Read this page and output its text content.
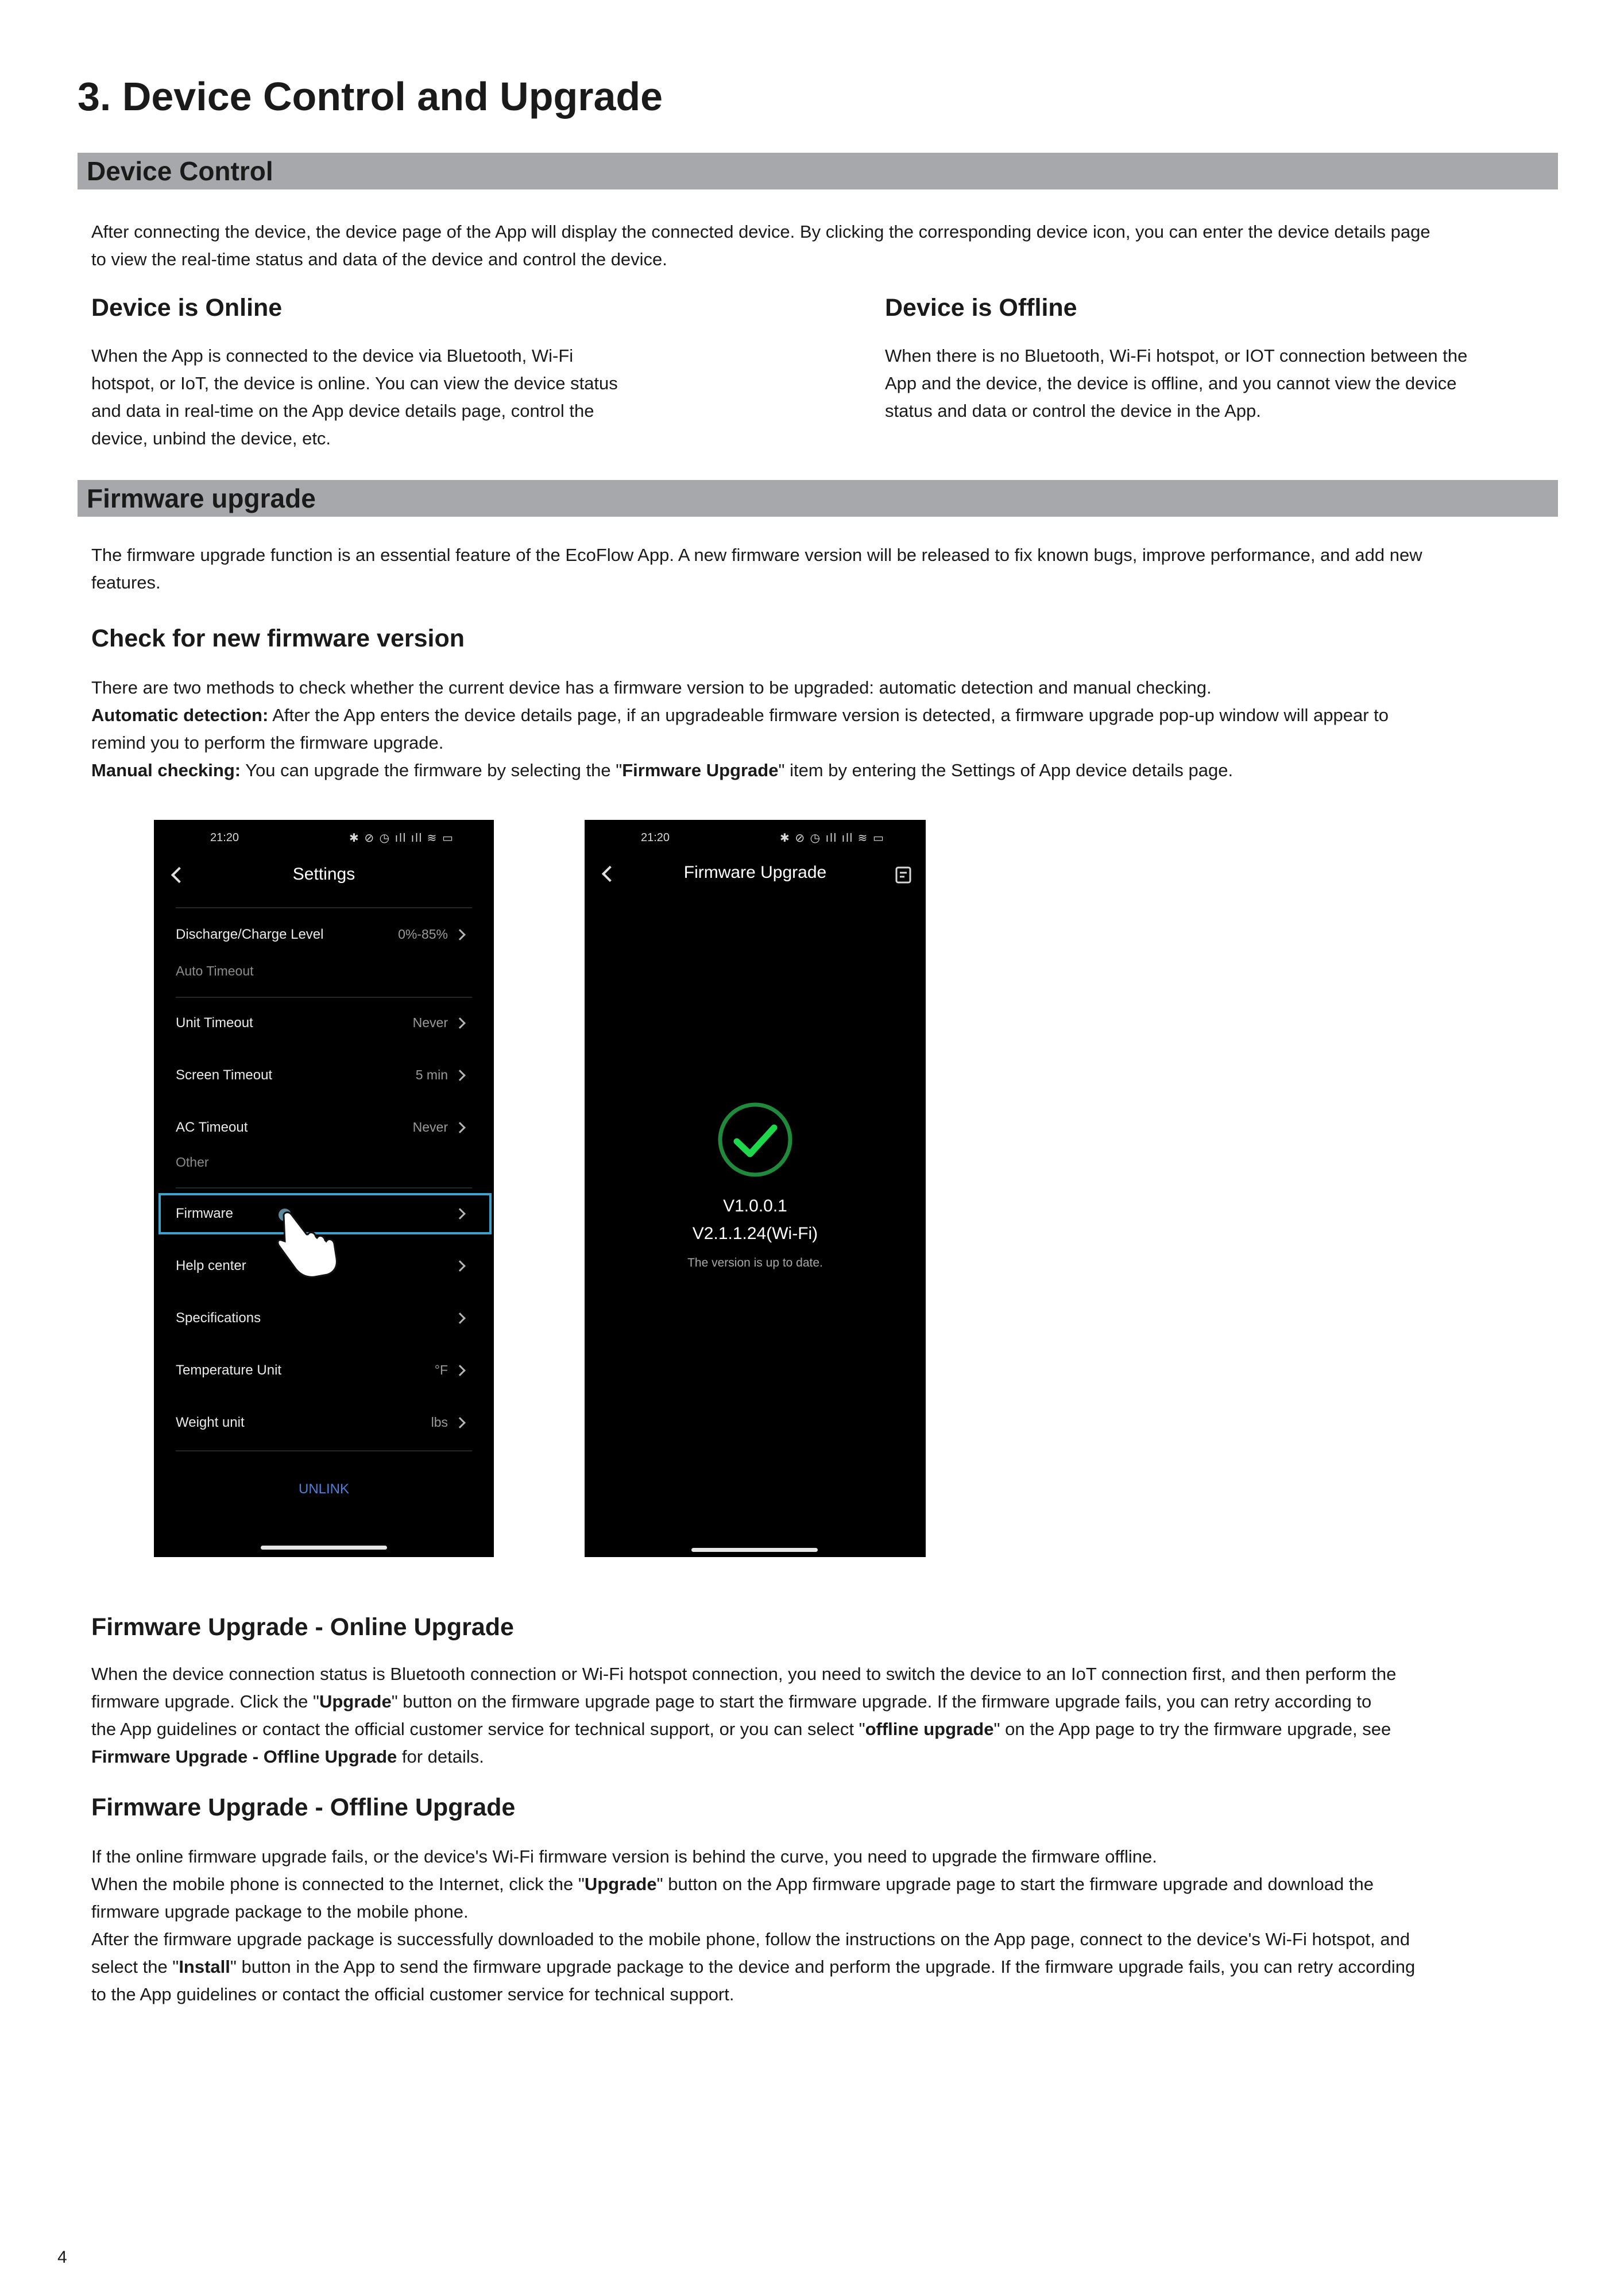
3. Device Control and Upgrade
Device Control

After connecting the device, the device page of the App will display the connected device. By clicking the corresponding device icon, you can enter the device details page
to view the real-time status and data of the device and control the device.

Device is Online

When the App is connected to the device via Bluetooth, Wi-Fi
hotspot, or IoT, the device is online. You can view the device status
and data in real-time on the App device details page, control the
device, unbind the device, etc.

Device is Offline

When there is no Bluetooth, Wi-Fi hotspot, or IOT connection between the
App and the device, the device is offline, and you cannot view the device
status and data or control the device in the App.

Firmware upgrade

The firmware upgrade function is an essential feature of the EcoFlow App. A new firmware version will be released to fix known bugs, improve performance, and add new
features.

Check for new firmware version

There are two methods to check whether the current device has a firmware version to be upgraded: automatic detection and manual checking.
Automatic detection: After the App enters the device details page, if an upgradeable firmware version is detected, a firmware upgrade pop-up window will appear to
remind you to perform the firmware upgrade.
Manual checking: You can upgrade the firmware by selecting the "Firmware Upgrade" item by entering the Settings of App device details page.

21:20	✱ ⊘ ◷ ıll ıll ≋ ▭
Settings
Discharge/Charge Level	0%-85%
Auto Timeout
Unit Timeout	Never
Screen Timeout	5 min
AC Timeout	Never
Other
Firmware
Help center
Specifications
Temperature Unit	°F
Weight unit	lbs
UNLINK
21:20	✱ ⊘ ◷ ıll ıll ≋ ▭
Firmware Upgrade
V1.0.0.1
V2.1.1.24(Wi-Fi)
The version is up to date.
Firmware Upgrade - Online Upgrade

When the device connection status is Bluetooth connection or Wi-Fi hotspot connection, you need to switch the device to an IoT connection first, and then perform the
firmware upgrade. Click the "Upgrade" button on the firmware upgrade page to start the firmware upgrade. If the firmware upgrade fails, you can retry according to
the App guidelines or contact the official customer service for technical support, or you can select "offline upgrade" on the App page to try the firmware upgrade, see
Firmware Upgrade - Offline Upgrade for details.

Firmware Upgrade - Offline Upgrade

If the online firmware upgrade fails, or the device's Wi-Fi firmware version is behind the curve, you need to upgrade the firmware offline.
When the mobile phone is connected to the Internet, click the "Upgrade" button on the App firmware upgrade page to start the firmware upgrade and download the
firmware upgrade package to the mobile phone.
After the firmware upgrade package is successfully downloaded to the mobile phone, follow the instructions on the App page, connect to the device's Wi-Fi hotspot, and
select the "Install" button in the App to send the firmware upgrade package to the device and perform the upgrade. If the firmware upgrade fails, you can retry according
to the App guidelines or contact the official customer service for technical support.

4
